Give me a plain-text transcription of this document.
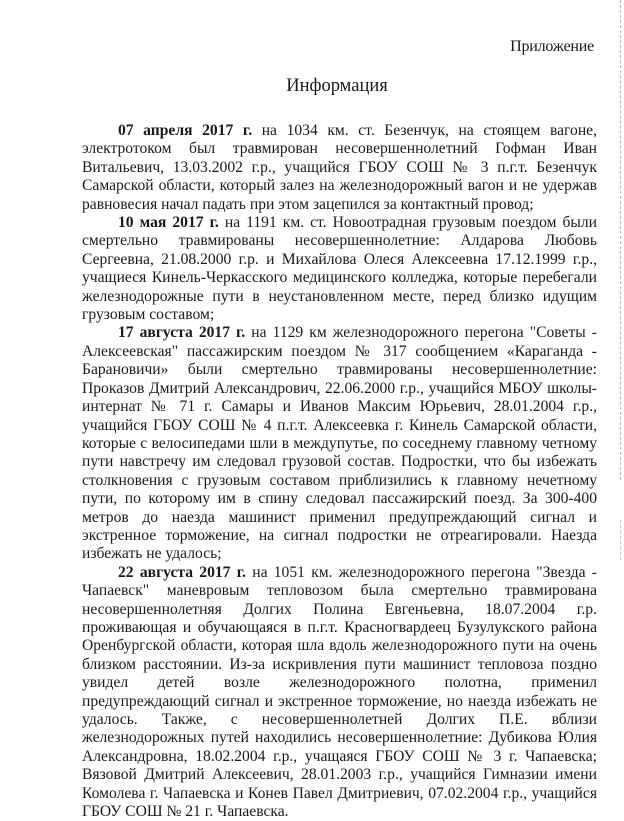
Приложение
Информация

07 апреля 2017 г. на 1034 км. ст. Безенчук, на стоящем вагоне, электротоком был травмирован несовершеннолетний Гофман Иван Витальевич, 13.03.2002 г.р., учащийся ГБОУ СОШ № 3 п.г.т. Безенчук Самарской области, который залез на железнодорожный вагон и не удержав равновесия начал падать при этом зацепился за контактный провод;

10 мая 2017 г. на 1191 км. ст. Новоотрадная грузовым поездом были смертельно травмированы несовершеннолетние: Алдарова Любовь Сергеевна, 21.08.2000 г.р. и Михайлова Олеся Алексеевна 17.12.1999 г.р., учащиеся Кинель-Черкасского медицинского колледжа, которые перебегали железнодорожные пути в неустановленном месте, перед близко идущим грузовым составом;

17 августа 2017 г. на 1129 км железнодорожного перегона "Советы - Алексеевская" пассажирским поездом № 317 сообщением «Караганда - Барановичи» были смертельно травмированы несовершеннолетние: Проказов Дмитрий Александрович, 22.06.2000 г.р., учащийся МБОУ школы-интернат № 71 г. Самары и Иванов Максим Юрьевич, 28.01.2004 г.р., учащийся ГБОУ СОШ № 4 п.г.т. Алексеевка г. Кинель Самарской области, которые с велосипедами шли в междупутье, по соседнему главному четному пути навстречу им следовал грузовой состав. Подростки, что бы избежать столкновения с грузовым составом приблизились к главному нечетному пути, по которому им в спину следовал пассажирский поезд. За 300-400 метров до наезда машинист применил предупреждающий сигнал и экстренное торможение, на сигнал подростки не отреагировали. Наезда избежать не удалось;

22 августа 2017 г. на 1051 км. железнодорожного перегона "Звезда - Чапаевск" маневровым тепловозом была смертельно травмирована несовершеннолетняя Долгих Полина Евгеньевна, 18.07.2004 г.р. проживающая и обучающаяся в п.г.т. Красногвардеец Бузулукского района Оренбургской области, которая шла вдоль железнодорожного пути на очень близком расстоянии. Из-за искривления пути машинист тепловоза поздно увидел детей возле железнодорожного полотна, применил предупреждающий сигнал и экстренное торможение, но наезда избежать не удалось. Также, с несовершеннолетней Долгих П.Е. вблизи железнодорожных путей находились несовершеннолетние: Дубикова Юлия Александровна, 18.02.2004 г.р., учащаяся ГБОУ СОШ № 3 г. Чапаевска; Вязовой Дмитрий Алексеевич, 28.01.2003 г.р., учащийся Гимназии имени Комолева г. Чапаевска и Конев Павел Дмитриевич, 07.02.2004 г.р., учащийся ГБОУ СОШ № 21 г. Чапаевска.
